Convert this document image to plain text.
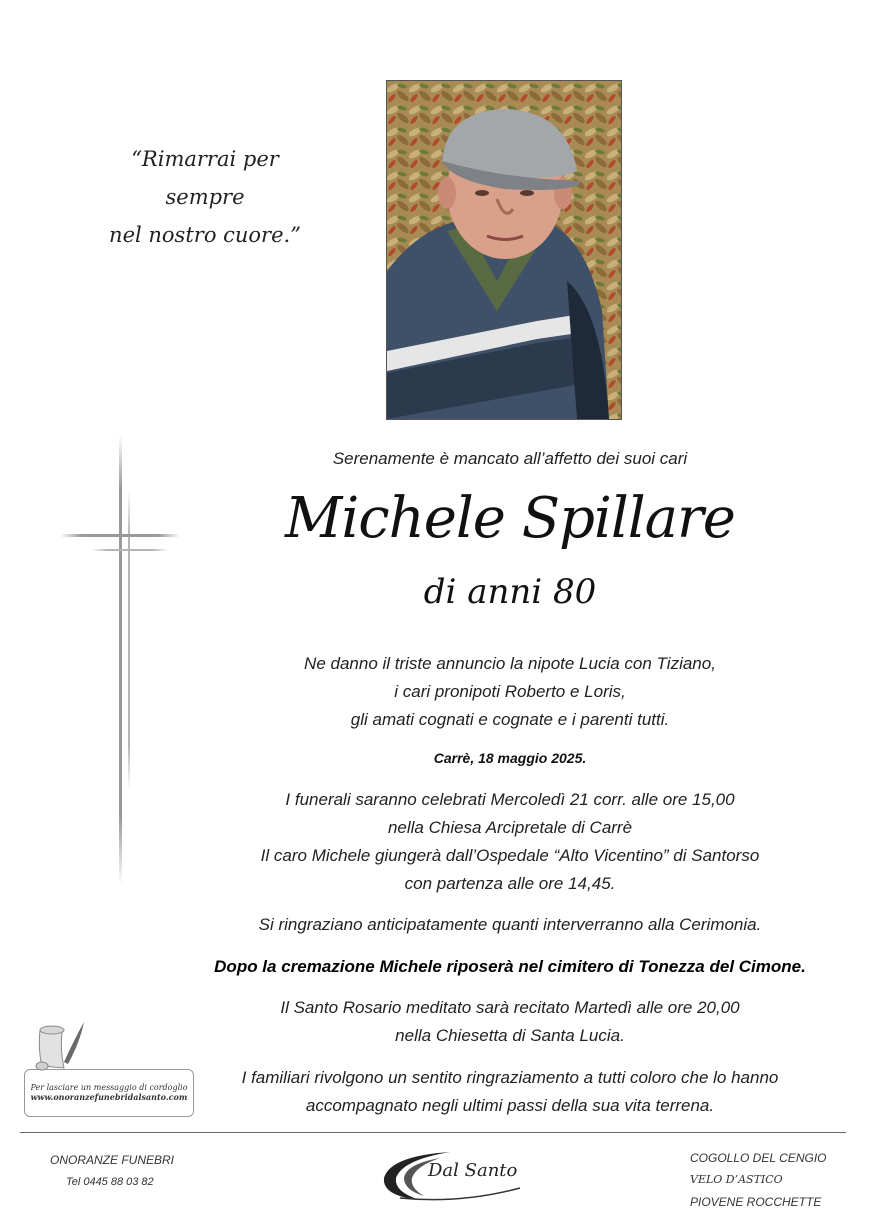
“Rimarrai per sempre
nel nostro cuore.”
Serenamente è mancato all’affetto dei suoi cari
Michele Spillare
di anni 80
Ne danno il triste annuncio la nipote Lucia con Tiziano,
i cari pronipoti Roberto e Loris,
gli amati cognati e cognate e i parenti tutti.
Carrè, 18 maggio 2025.
I funerali saranno celebrati Mercoledì 21 corr. alle ore 15,00
nella Chiesa Arcipretale di Carrè
Il caro Michele giungerà dall’Ospedale “Alto Vicentino” di Santorso
con partenza alle ore 14,45.
Si ringraziano anticipatamente quanti interverranno alla Cerimonia.
Dopo la cremazione Michele riposerà nel cimitero di Tonezza del Cimone.
Il Santo Rosario meditato sarà recitato Martedì alle ore 20,00
nella Chiesetta di Santa Lucia.
I familiari rivolgono un sentito ringraziamento a tutti coloro che lo hanno
accompagnato negli ultimi passi della sua vita terrena.
Per lasciare un messaggio di cordoglio
www.onoranzefunebridalsanto.com
ONORANZE FUNEBRI
Tel 0445 88 03 82
Dal Santo
COGOLLO DEL CENGIO
VELO D’ASTICO
PIOVENE ROCCHETTE
